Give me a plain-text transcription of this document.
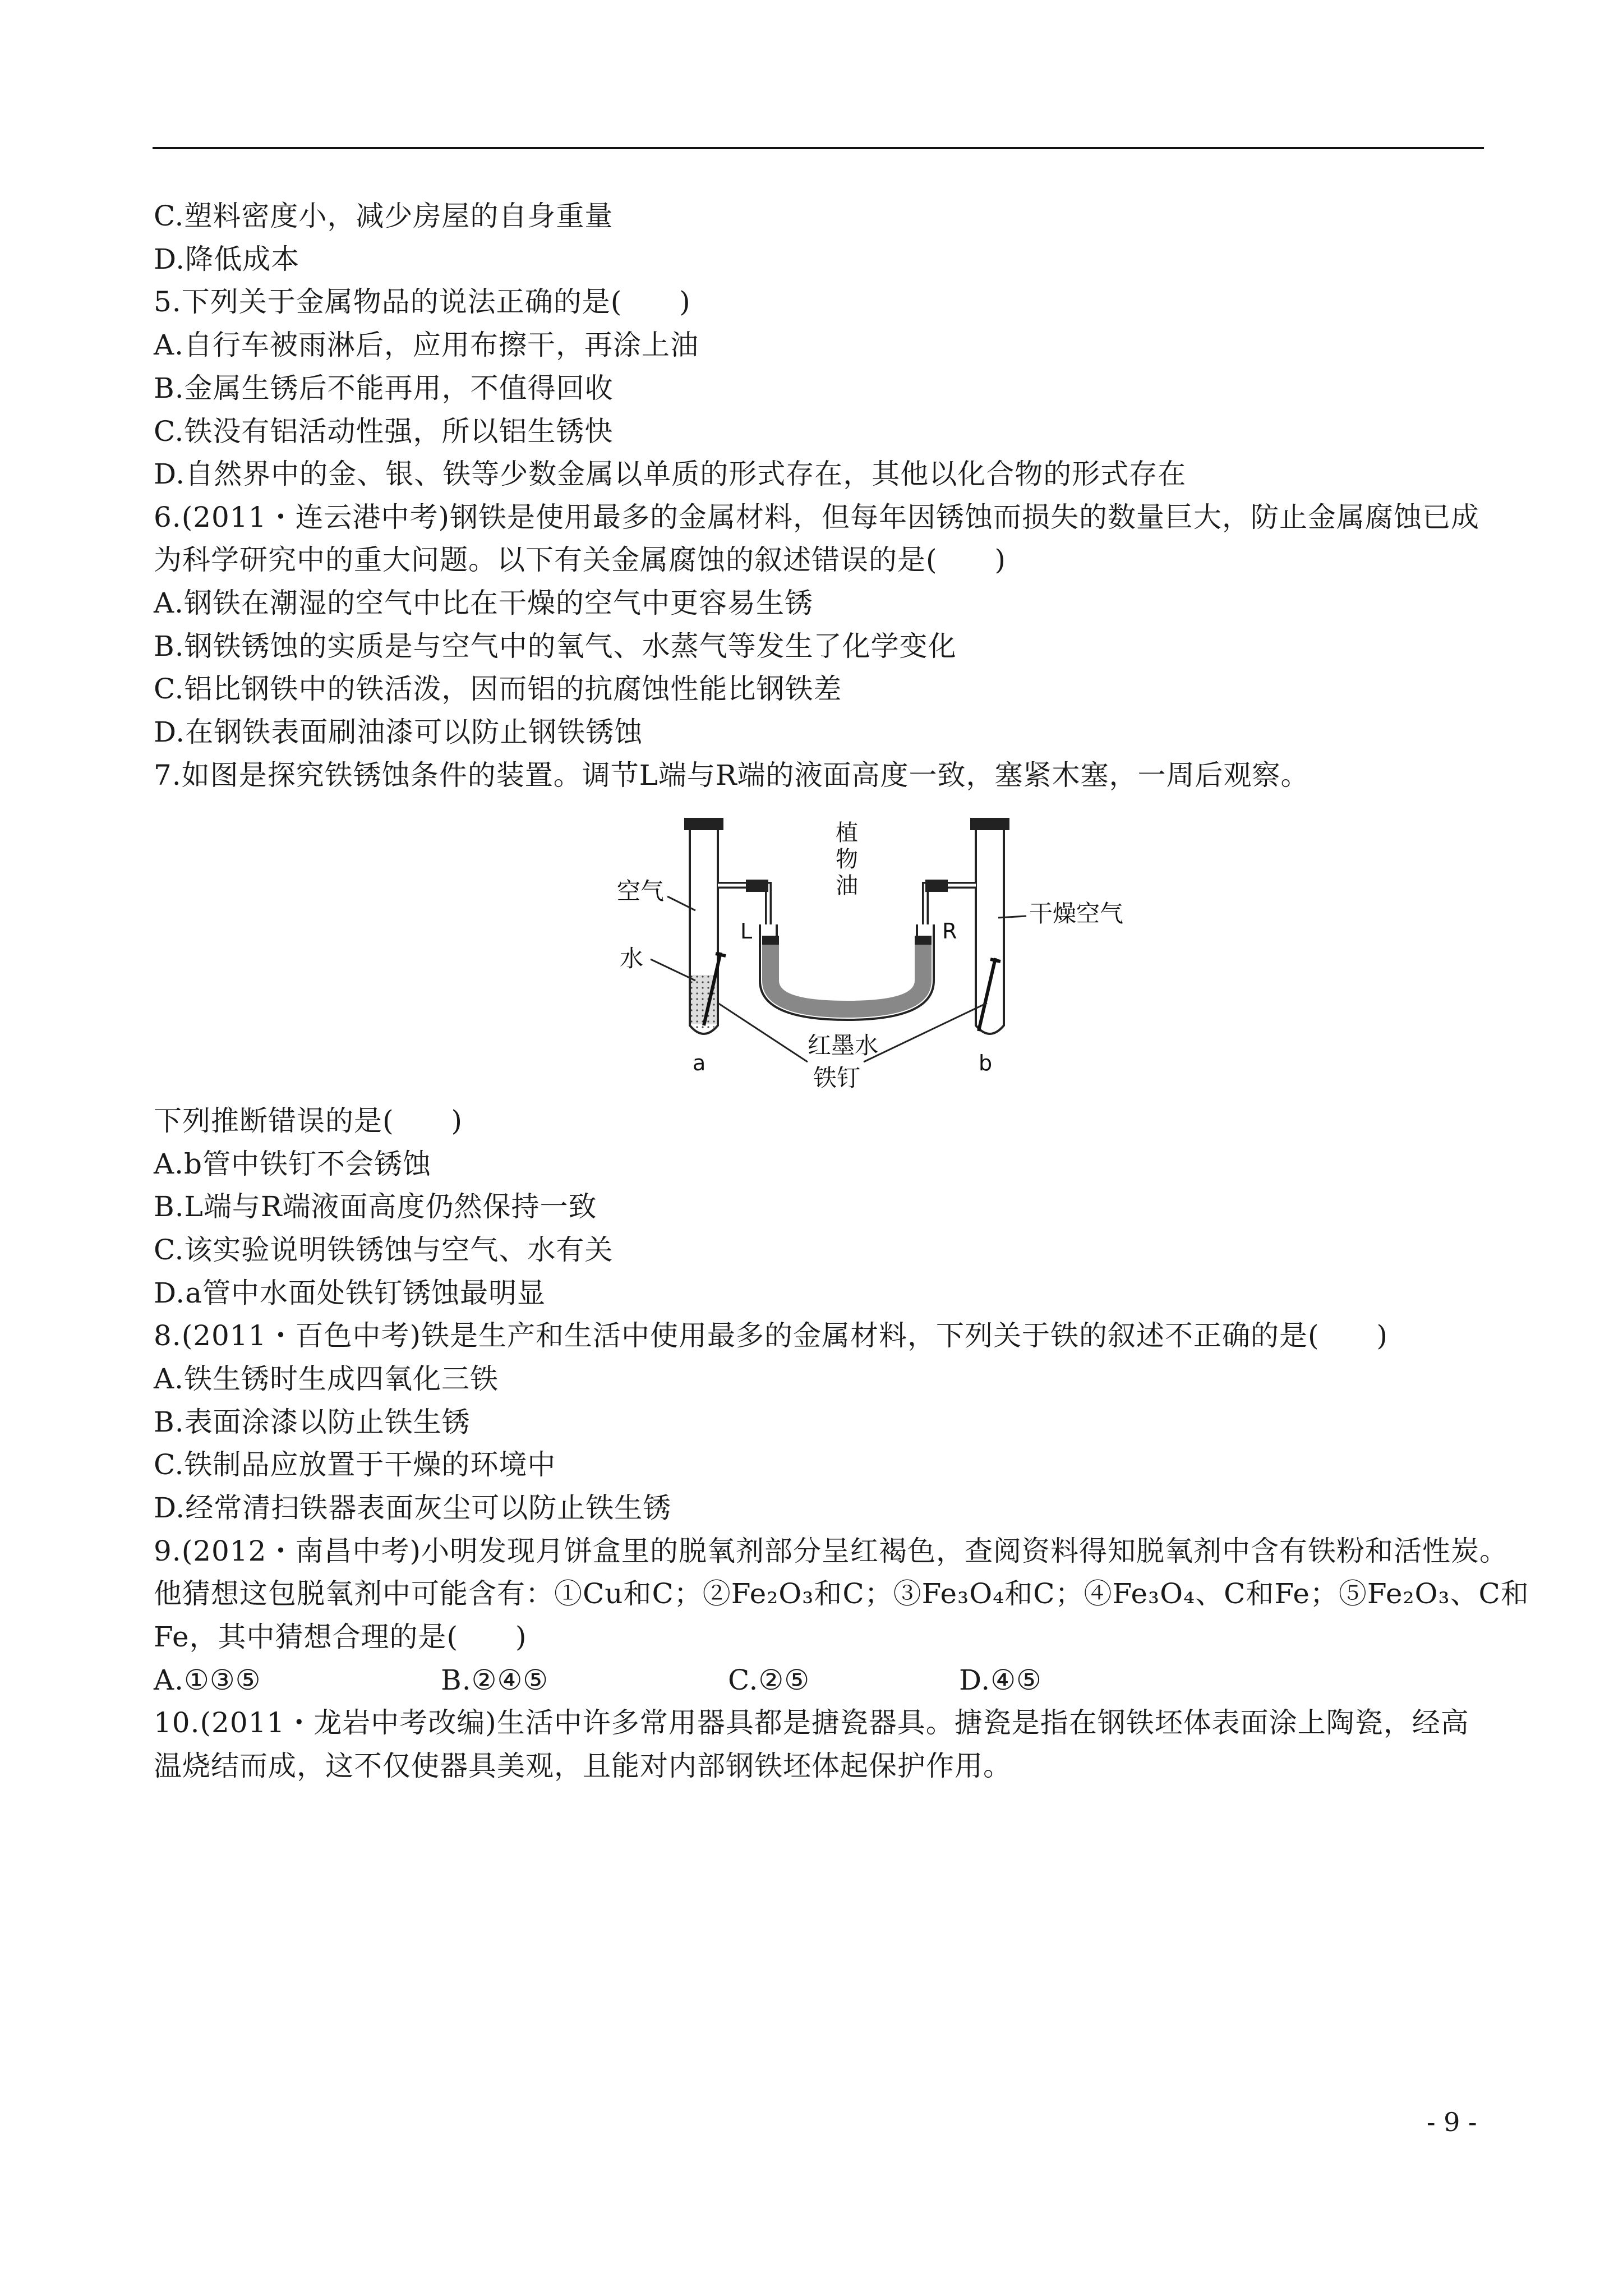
C.塑料密度小，减少房屋的自身重量
D.降低成本
5.下列关于金属物品的说法正确的是(　　)
A.自行车被雨淋后，应用布擦干，再涂上油
B.金属生锈后不能再用，不值得回收
C.铁没有铝活动性强，所以铝生锈快
D.自然界中的金、银、铁等少数金属以单质的形式存在，其他以化合物的形式存在
6.(2011・连云港中考)钢铁是使用最多的金属材料，但每年因锈蚀而损失的数量巨大，防止金属腐蚀已成
为科学研究中的重大问题。以下有关金属腐蚀的叙述错误的是(　　)
A.钢铁在潮湿的空气中比在干燥的空气中更容易生锈
B.钢铁锈蚀的实质是与空气中的氧气、水蒸气等发生了化学变化
C.铝比钢铁中的铁活泼，因而铝的抗腐蚀性能比钢铁差
D.在钢铁表面刷油漆可以防止钢铁锈蚀
7.如图是探究铁锈蚀条件的装置。调节L端与R端的液面高度一致，塞紧木塞，一周后观察。
空气
水
植
物
油
L	R
干燥空气
红墨水
铁钉
a	b
下列推断错误的是(　　)
A.b管中铁钉不会锈蚀
B.L端与R端液面高度仍然保持一致
C.该实验说明铁锈蚀与空气、水有关
D.a管中水面处铁钉锈蚀最明显
8.(2011・百色中考)铁是生产和生活中使用最多的金属材料，下列关于铁的叙述不正确的是(　　)
A.铁生锈时生成四氧化三铁
B.表面涂漆以防止铁生锈
C.铁制品应放置于干燥的环境中
D.经常清扫铁器表面灰尘可以防止铁生锈
9.(2012・南昌中考)小明发现月饼盒里的脱氧剂部分呈红褐色，查阅资料得知脱氧剂中含有铁粉和活性炭。
他猜想这包脱氧剂中可能含有：①Cu和C；②Fe₂O₃和C；③Fe₃O₄和C；④Fe₃O₄、C和Fe；⑤Fe₂O₃、C和
Fe，其中猜想合理的是(　　)

A.①③⑤

	B.②④⑤

	C.②⑤

	D.④⑤

10.(2011・龙岩中考改编)生活中许多常用器具都是搪瓷器具。搪瓷是指在钢铁坯体表面涂上陶瓷，经高
温烧结而成，这不仅使器具美观，且能对内部钢铁坯体起保护作用。
- 9 -
